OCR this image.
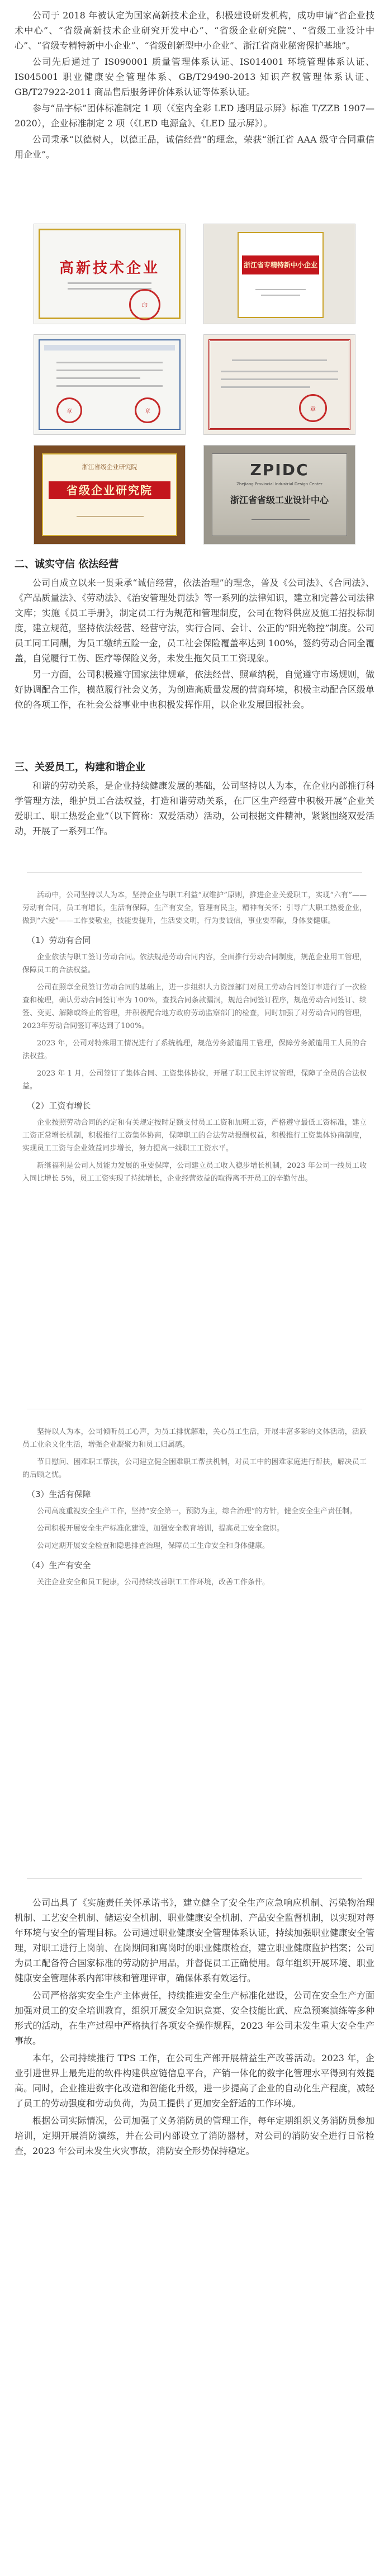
公司于 2018 年被认定为国家高新技术企业，积极建设研发机构，成功申请“省企业技术中心”、“省级高新技术企业研究开发中心”、“省级企业研究院”、“省级工业设计中心”、“省级专精特新中小企业”、“省级创新型中小企业”、浙江省商业秘密保护基地”。

公司先后通过了 IS090001 质量管理体系认证、IS014001 环境管理体系认证、IS045001 职业健康安全管理体系、GB/T29490-2013 知识产权管理体系认证、GB/T27922-2011 商品售后服务评价体系认证等体系认证。

参与“品字标”团体标准制定 1 项（《室内全彩 LED 透明显示屏》标准 T/ZZB 1907—2020），企业标准制定 2 项（《LED 电源盒》、《LED 显示屏》）。

公司秉承“以德树人，以德正品，诚信经营”的理念，荣获“浙江省 AAA 级守合同重信用企业”。

高新技术企业
印
浙江省专精特新中小企业
章	章	章
浙江省级企业研究院
省级企业研究院
ZPIDC
Zhejiang Provincial Industrial Design Center
浙江省省级工业设计中心

二、诚实守信 依法经营

公司自成立以来一贯秉承“诚信经营，依法治理”的理念，普及《公司法》、《合同法》、《产品质量法》、《劳动法》、《治安管理处罚法》等一系列的法律知识，建立和完善公司法律文库；实施《员工手册》，制定员工行为规范和管理制度，公司在物料供应及施工招投标制度，建立规范，坚持依法经营、经营守法，实行合同、会计、公正的“阳光物控”制度。公司员工同工同酬，为员工缴纳五险一金，员工社会保险覆盖率达到 100%，签约劳动合同全覆盖，自觉履行工伤、医疗等保险义务，未发生拖欠员工工资现象。

另一方面，公司积极遵守国家法律规章，依法经营、照章纳税，自觉遵守市场规则，做好协调配合工作，模范履行社会义务，为创造高质量发展的营商环境，积极主动配合区级单位的各项工作，在社会公益事业中也积极发挥作用，以企业发展回报社会。

三、关爱员工，构建和谐企业

和谐的劳动关系，是企业持续健康发展的基础，公司坚持以人为本，在企业内部推行科学管理方法，维护员工合法权益，打造和谐劳动关系，在厂区生产经营中积极开展“企业关爱职工、职工热爱企业”（以下简称：双爱活动）活动，公司根据文件精神，紧紧围绕双爱活动，开展了一系列工作。

活动中，公司坚持以人为本，坚持企业与职工利益“双维护”原则，推进企业关爱职工，实现“六有”——劳动有合同，员工有增长，生活有保障，生产有安全，管理有民主，精神有关怀；引导广大职工热爱企业，做到“六爱”——工作要敬业，技能要提升，生活要文明，行为要诚信，事业要奉献，身体要健康。

（1）劳动有合同

企业依法与职工签订劳动合同。依法规范劳动合同内容，全面推行劳动合同制度，规范企业用工管理，保障员工的合法权益。

公司在照章全员签订劳动合同的基础上，进一步组织人力资源部门对员工劳动合同签订率进行了一次检查和梳理，确认劳动合同签订率为 100%，查找合同条款漏洞，规范合同签订程序，规范劳动合同签订、续签、变更、解除或终止的管理，并积极配合地方政府劳动监察部门的检查，同时加强了对劳动合同的管理，2023年劳动合同签订率达到了100%。

2023 年，公司对特殊用工情况进行了系统梳理，规范劳务派遣用工管理，保障劳务派遣用工人员的合法权益。

2023 年 1 月，公司签订了集体合同、工资集体协议，开展了职工民主评议管理，保障了全员的合法权益。

（2）工资有增长

企业按照劳动合同的约定和有关规定按时足额支付员工工资和加班工资，严格遵守最低工资标准，建立工资正常增长机制，积极推行工资集体协商，保障职工的合法劳动报酬权益，积极推行工资集体协商制度，实现员工工资与企业效益同步增长，努力提高一线职工工资水平。

新继福利是公司人员能力发展的重要保障，公司建立员工收入稳步增长机制，2023 年公司一线员工收入同比增长 5%，员工工资实现了持续增长，企业经营效益的取得离不开员工的辛勤付出。

坚持以人为本，公司倾听员工心声，为员工排忧解难，关心员工生活，开展丰富多彩的文体活动，活跃员工业余文化生活，增强企业凝聚力和员工归属感。

节日慰问、困难职工帮扶，公司建立健全困难职工帮扶机制，对员工中的困难家庭进行帮扶，解决员工的后顾之忧。

（3）生活有保障

公司高度重视安全生产工作，坚持“安全第一，预防为主，综合治理”的方针，健全安全生产责任制。

公司积极开展安全生产标准化建设，加强安全教育培训，提高员工安全意识。

公司定期开展安全检查和隐患排查治理，保障员工生命安全和身体健康。

（4）生产有安全

关注企业安全和员工健康，公司持续改善职工工作环境，改善工作条件。

公司出具了《实施责任关怀承诺书》，建立健全了安全生产应急响应机制、污染物治理机制、工艺安全机制、储运安全机制、职业健康安全机制、产品安全监督机制，以实现对每年环境与安全的管理目标。公司通过职业健康安全管理体系认证，持续加强职业健康安全管理，对职工进行上岗前、在岗期间和离岗时的职业健康检查，建立职业健康监护档案；公司为员工配备符合国家标准的劳动防护用品，并督促员工正确使用。每年组织开展环境、职业健康安全管理体系内部审核和管理评审，确保体系有效运行。

公司严格落实安全生产主体责任，持续推进安全生产标准化建设，公司在安全生产方面加强对员工的安全培训教育，组织开展安全知识竞赛、安全技能比武、应急预案演练等多种形式的活动，在生产过程中严格执行各项安全操作规程，2023 年公司未发生重大安全生产事故。

本年，公司持续推行 TPS 工作，在公司生产部开展精益生产改善活动。2023 年，企业引进世界上最先进的软件构建供应链信息平台，产销一体化的数字化管理水平得到有效提高。同时，企业推进数字化改造和智能化升级，进一步提高了企业的自动化生产程度，减轻了员工的劳动强度和劳动负荷，为员工提供了更加安全舒适的工作环境。

根据公司实际情况，公司加强了义务消防员的管理工作，每年定期组织义务消防员参加培训，定期开展消防演练，并在公司内部设立了消防器材，对公司的消防安全进行日常检查，2023 年公司未发生火灾事故，消防安全形势保持稳定。
